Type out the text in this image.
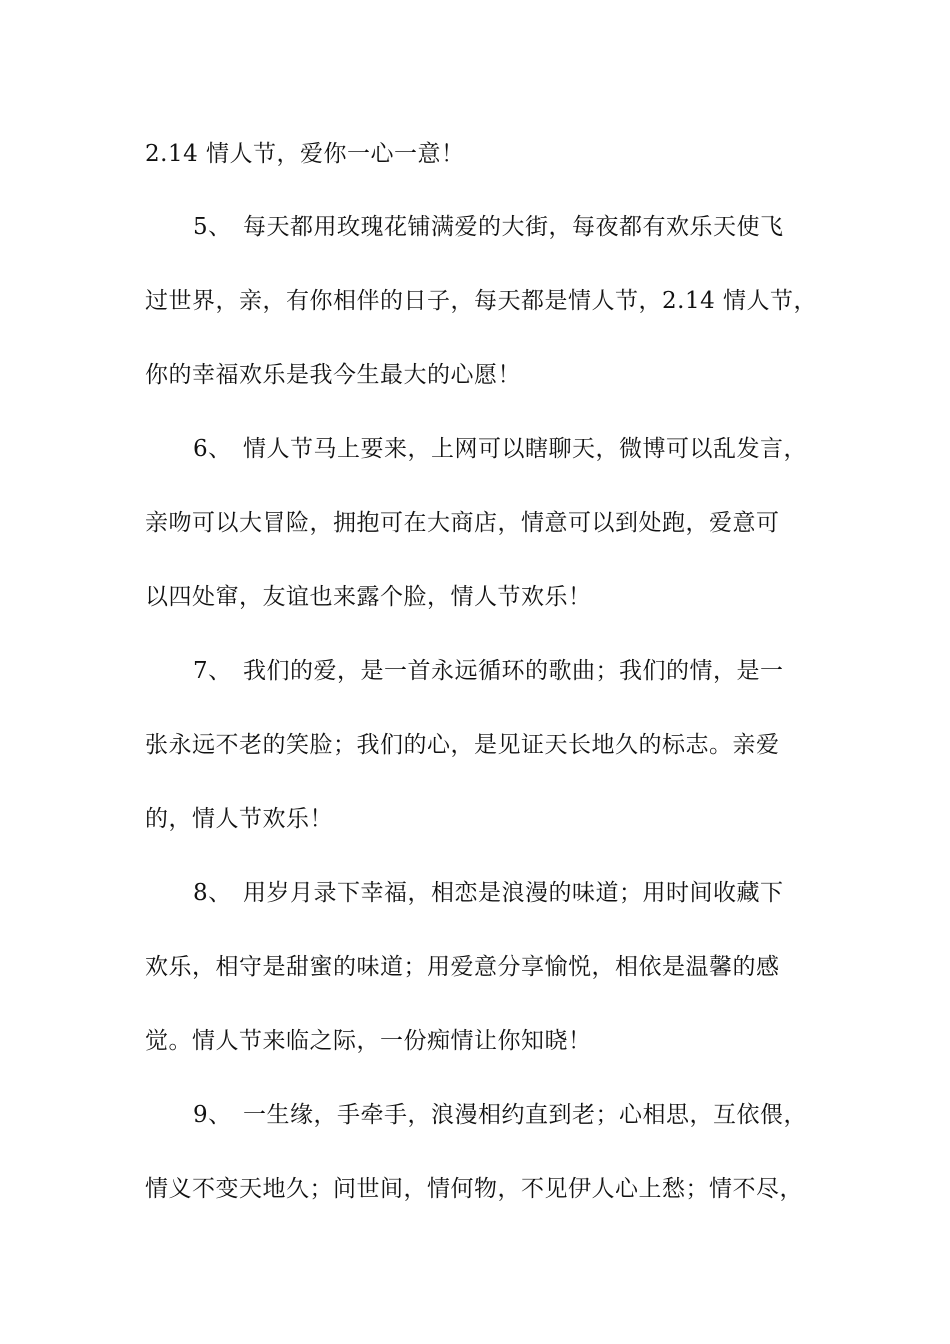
2.14 情人节，爱你一心一意！
5、 每天都用玫瑰花铺满爱的大街，每夜都有欢乐天使飞
过世界，亲，有你相伴的日子，每天都是情人节，2.14 情人节，
你的幸福欢乐是我今生最大的心愿！
6、 情人节马上要来，上网可以瞎聊天，微博可以乱发言，
亲吻可以大冒险，拥抱可在大商店，情意可以到处跑，爱意可
以四处窜，友谊也来露个脸，情人节欢乐！
7、 我们的爱，是一首永远循环的歌曲；我们的情，是一
张永远不老的笑脸；我们的心，是见证天长地久的标志。亲爱
的，情人节欢乐！
8、 用岁月录下幸福，相恋是浪漫的味道；用时间收藏下
欢乐，相守是甜蜜的味道；用爱意分享愉悦，相依是温馨的感
觉。情人节来临之际，一份痴情让你知晓！
9、 一生缘，手牵手，浪漫相约直到老；心相思，互依偎，
情义不变天地久；问世间，情何物，不见伊人心上愁；情不尽，
